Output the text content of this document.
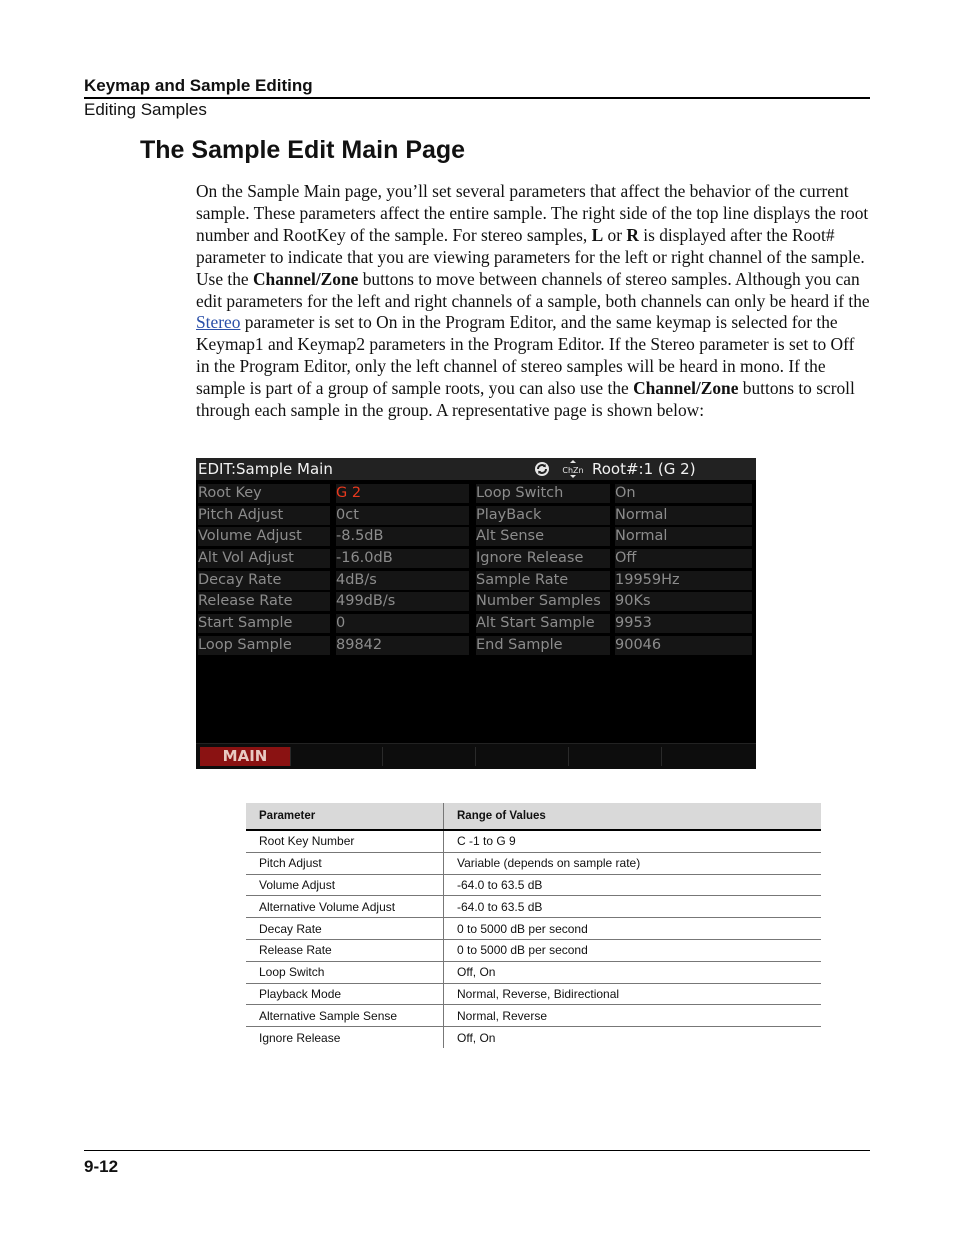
Keymap and Sample Editing
Editing Samples
The Sample Edit Main Page

On the Sample Main page, you’ll set several parameters that affect the behavior of the current sample. These parameters affect the entire sample. The right side of the top line displays the root number and RootKey of the sample. For stereo samples, L or R is displayed after the Root# parameter to indicate that you are viewing parameters for the left or right channel of the sample. Use the Channel/Zone buttons to move between channels of stereo samples. Although you can edit parameters for the left and right channels of a sample, both channels can only be heard if the Stereo parameter is set to On in the Program Editor, and the same keymap is selected for the Keymap1 and Keymap2 parameters in the Program Editor. If the Stereo parameter is set to Off in the Program Editor, only the left channel of stereo samples will be heard in mono. If the sample is part of a group of sample roots, you can also use the Channel/Zone buttons to scroll through each sample in the group. A representative page is shown below:

EDIT:Sample Main	ChZn Root#:1 (G 2)
Root Key	G 2	Loop Switch	On
Pitch Adjust	0ct	PlayBack	Normal
Volume Adjust	-8.5dB	Alt Sense	Normal
Alt Vol Adjust	-16.0dB	Ignore Release	Off
Decay Rate	4dB/s	Sample Rate	19959Hz
Release Rate	499dB/s	Number Samples 90Ks
Start Sample	0	Alt Start Sample	9953
Loop Sample	89842	End Sample	90046
MAIN
Parameter	Range of Values
Root Key Number	C -1 to G 9
Pitch Adjust	Variable (depends on sample rate)
Volume Adjust	-64.0 to 63.5 dB
Alternative Volume Adjust	-64.0 to 63.5 dB
Decay Rate	0 to 5000 dB per second
Release Rate	0 to 5000 dB per second
Loop Switch	Off, On
Playback Mode	Normal, Reverse, Bidirectional
Alternative Sample Sense	Normal, Reverse
Ignore Release	Off, On
9-12
